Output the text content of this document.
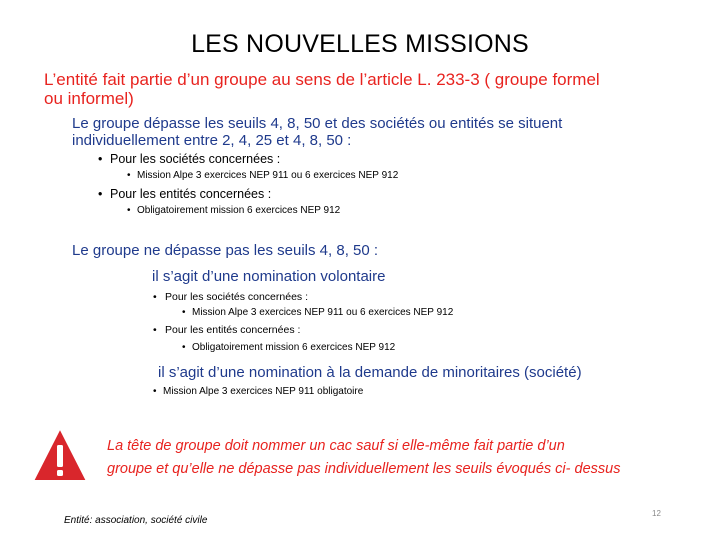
LES NOUVELLES MISSIONS
L’entité fait partie d’un groupe au sens de l’article L. 233-3 ( groupe formel
ou informel)
Le groupe dépasse les seuils 4, 8, 50 et des sociétés ou entités se situent
individuellement entre 2, 4, 25 et 4, 8, 50 :
• Pour les sociétés concernées :
• Mission Alpe 3 exercices NEP 911 ou 6 exercices NEP 912
• Pour les entités concernées :
• Obligatoirement mission 6 exercices NEP 912
Le groupe ne dépasse pas les seuils 4, 8, 50 :
il s’agit d’une nomination volontaire
• Pour les sociétés concernées :
• Mission Alpe 3 exercices NEP 911 ou 6 exercices NEP 912
• Pour les entités concernées :
• Obligatoirement mission 6 exercices NEP 912
il s’agit d’une nomination à la demande de minoritaires (société)
• Mission Alpe 3 exercices NEP 911 obligatoire
La tête de groupe doit nommer un cac sauf si elle-même fait partie d’un
groupe et qu’elle ne dépasse pas individuellement les seuils évoqués ci- dessus
Entité: association, société civile
12
